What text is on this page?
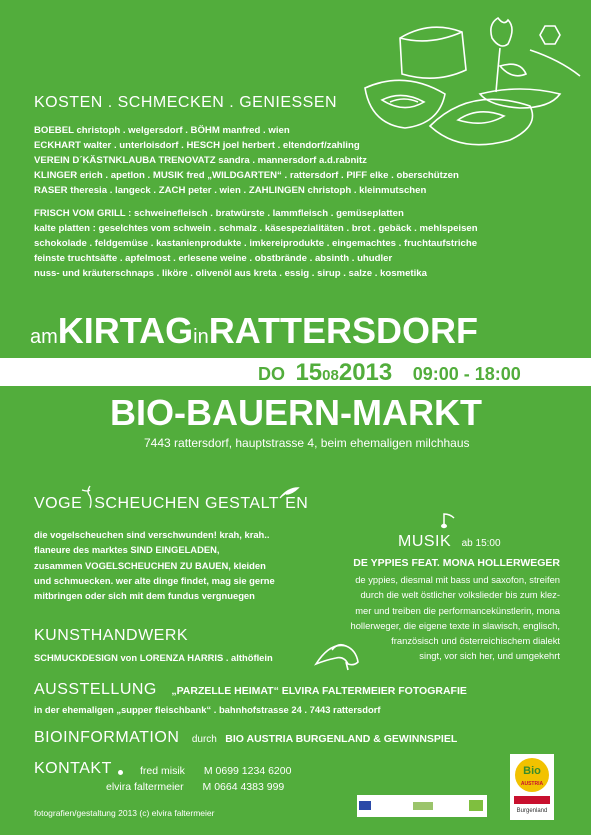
KOSTEN . SCHMECKEN . GENIESSEN
BOEBEL christoph . welgersdorf . BÖHM manfred . wien
ECKHART walter . unterloisdorf . HESCH joel herbert . eltendorf/zahling
VEREIN D´KÄSTNKLAUBA TRENOVATZ sandra . mannersdorf a.d.rabnitz
KLINGER erich . apetlon . MUSIK fred „WILDGARTEN“ . rattersdorf . PIFF elke . oberschützen
RASER theresia . langeck . ZACH peter . wien . ZAHLINGEN christoph . kleinmutschen
FRISCH VOM GRILL : schweinefleisch . bratwürste . lammfleisch . gemüseplatten
kalte platten : geselchtes vom schwein . schmalz . käsespezialitäten . brot . gebäck . mehlspeisen
schokolade . feldgemüse . kastanienprodukte . imkereiprodukte . eingemachtes . fruchtaufstriche
feinste truchtsäfte . apfelmost . erlesene weine . obstbrände . absinth . uhudler
nuss- und kräuterschnaps . liköre . olivenöl aus kreta . essig . sirup . salze . kosmetika
amKIRTAGinRATTERSDORF
DO 15082013 09:00 - 18:00
BIO-BAUERN-MARKT
7443 rattersdorf, hauptstrasse 4, beim ehemaligen milchhaus
VOGE SCHEUCHEN GESTALT EN
die vogelscheuchen sind verschwunden! krah, krah..
flaneure des marktes SIND EINGELADEN,
zusammen VOGELSCHEUCHEN ZU BAUEN, kleiden
und schmuecken. wer alte dinge findet, mag sie gerne
mitbringen oder sich mit dem fundus vergnuegen
MUSIK ab 15:00
DE YPPIES FEAT. MONA HOLLERWEGER
de yppies, diesmal mit bass und saxofon, streifen
durch die welt östlicher volkslieder bis zum klez-
mer und treiben die performancekünstlerin, mona
hollerweger, die eigene texte in slawisch, englisch,
französisch und österreichischem dialekt
singt, vor sich her, und umgekehrt
KUNSTHANDWERK
SCHMUCKDESIGN von LORENZA HARRIS . althöflein
AUSSTELLUNG „PARZELLE HEIMAT“ ELVIRA FALTERMEIER FOTOGRAFIE
in der ehemaligen „supper fleischbank“ . bahnhofstrasse 24 . 7443 rattersdorf
BIOINFORMATION durch BIO AUSTRIA BURGENLAND & GEWINNSPIEL
KONTAKT	fred misik M 0699 1234 6200
elvira faltermeier M 0664 4383 999
fotografien/gestaltung 2013 (c) elvira faltermeier
Bio
AUSTRIA
Burgenland
